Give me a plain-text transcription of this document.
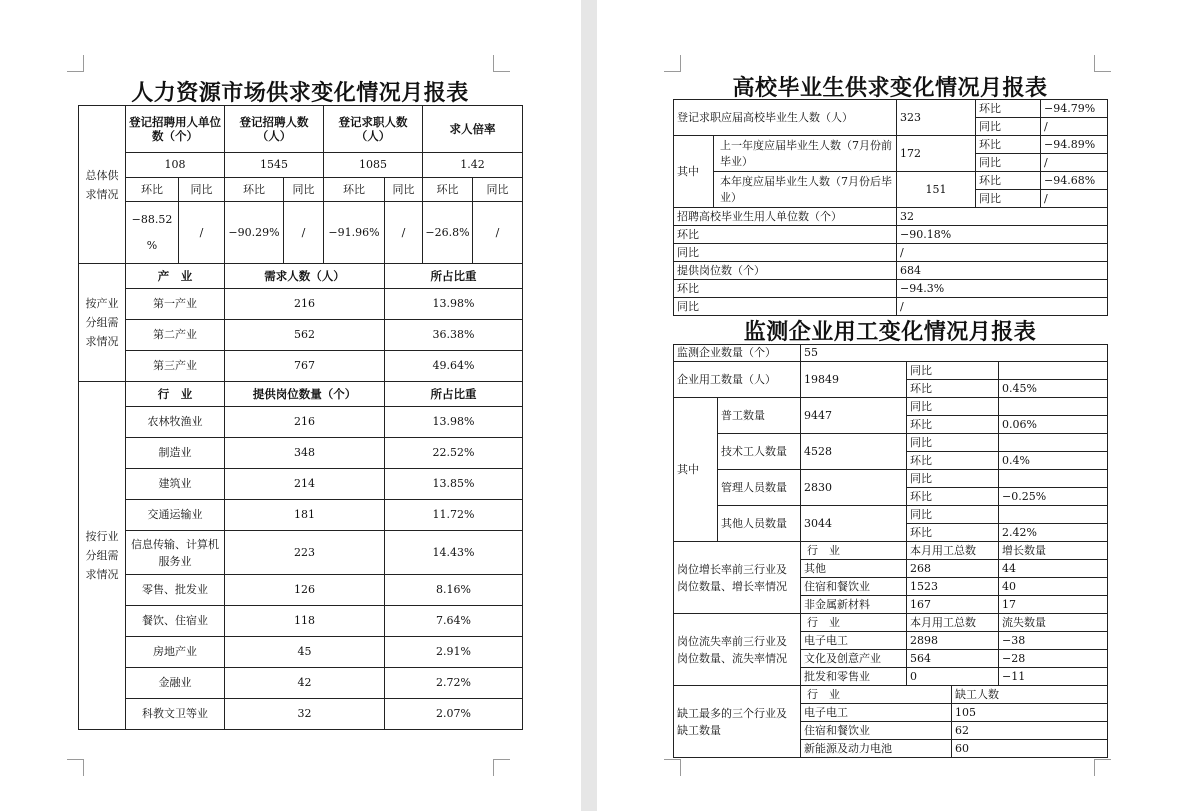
人力资源市场供求变化情况月报表
总体供求情况	登记招聘用人单位数（个）		登记招聘人数（人）		登记求职人数（人）		求人倍率	
	108		1545		1085		1.42	
	环比	同比	环比	同比	环比	同比	环比	同比
	−88.52 %	/	−90.29%	/	−91.96%	/	−26.8%	/
按产业分组需求情况	产　业		需求人数（人）			所占比重		
	第一产业		216			13.98%		
	第二产业		562			36.38%		
	第三产业		767			49.64%		
按行业分组需求情况	行　业		提供岗位数量（个）			所占比重		
	农林牧渔业		216			13.98%		
	制造业		348			22.52%		
	建筑业		214			13.85%		
	交通运输业		181			11.72%		
	信息传输、计算机服务业		223			14.43%		
	零售、批发业		126			8.16%		
	餐饮、住宿业		118			7.64%		
	房地产业		45			2.91%		
	金融业		42			2.72%		
	科教文卫等业		32			2.07%		
高校毕业生供求变化情况月报表
登记求职应届高校毕业生人数（人）		323	环比	−94.79%
			同比	/
其中	上一年度应届毕业生人数（7月份前毕业）	172	环比	−94.89%
			同比	/
	本年度应届毕业生人数（7月份后毕业）	151	环比	−94.68%
			同比	/
招聘高校毕业生用人单位数（个）		32		
环比		−90.18%		
同比		/		
提供岗位数（个）		684		
环比		−94.3%		
同比		/		
监测企业用工变化情况月报表
监测企业数量（个）		55			
企业用工数量（人）		19849	同比		
			环比		0.45%
其中	普工数量	9447	同比		
			环比		0.06%
	技术工人数量	4528	同比		
			环比		0.4%
	管理人员数量	2830	同比		
			环比		−0.25%
	其他人员数量	3044	同比		
			环比		2.42%
岗位增长率前三行业及岗位数量、增长率情况		行　业	本月用工总数		增长数量
		其他	268		44
		住宿和餐饮业	1523		40
		非金属新材料	167		17
岗位流失率前三行业及岗位数量、流失率情况		行　业	本月用工总数		流失数量
		电子电工	2898		−38
		文化及创意产业	564		−28
		批发和零售业	0		−11
缺工最多的三个行业及缺工数量		行　业		缺工人数	
		电子电工		105	
		住宿和餐饮业		62	
		新能源及动力电池		60	
